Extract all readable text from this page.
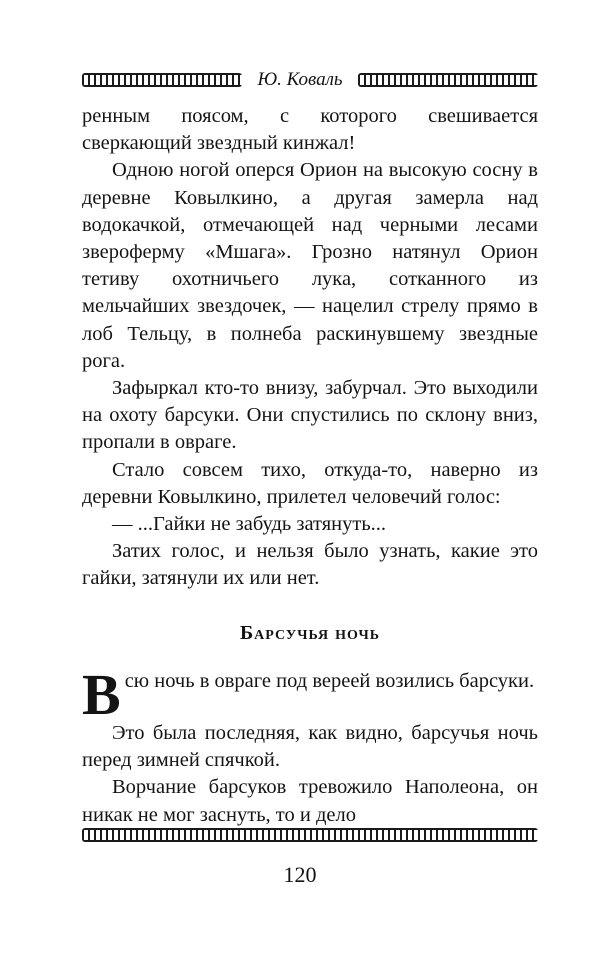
Ю. Коваль

ренным поясом, с которого свешивается сверкающий звездный кинжал!

Одною ногой оперся Орион на высокую сосну в деревне Ковылкино, а другая замерла над водокачкой, отмечающей над черными лесами звероферму «Мшага». Грозно натянул Орион тетиву охотничьего лука, сотканного из мельчайших звездочек, — нацелил стрелу прямо в лоб Тельцу, в полнеба раскинувшему звездные рога.

Зафыркал кто-то внизу, забурчал. Это выходили на охоту барсуки. Они спустились по склону вниз, пропали в овраге.

Стало совсем тихо, откуда-то, наверно из деревни Ковылкино, прилетел человечий голос:

— ...Гайки не забудь затянуть...

Затих голос, и нельзя было узнать, какие это гайки, затянули их или нет.

Барсучья ночь

Всю ночь в овраге под вереей возились барсуки.

Это была последняя, как видно, барсучья ночь перед зимней спячкой.

Ворчание барсуков тревожило Наполеона, он никак не мог заснуть, то и дело

120
